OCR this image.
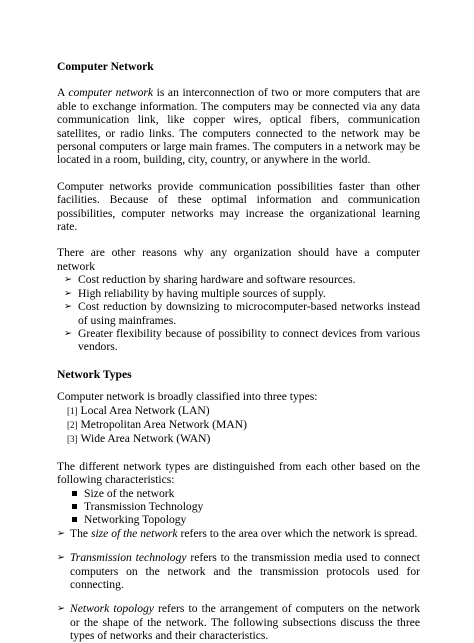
Computer Network

A computer network is an interconnection of two or more computers that are able to exchange information. The computers may be connected via any data communication link, like copper wires, optical fibers, communication satellites, or radio links. The computers connected to the network may be personal computers or large main frames. The computers in a network may be located in a room, building, city, country, or anywhere in the world.

Computer networks provide communication possibilities faster than other facilities. Because of these optimal information and communication possibilities, computer networks may increase the organizational learning rate.

There are other reasons why any organization should have a computer network

➢ Cost reduction by sharing hardware and software resources.
➢ High reliability by having multiple sources of supply.
➢ Cost reduction by downsizing to microcomputer-based networks instead of using mainframes.
➢ Greater flexibility because of possibility to connect devices from various vendors.
Network Types

Computer network is broadly classified into three types:

[1] Local Area Network (LAN)
[2] Metropolitan Area Network (MAN)
[3] Wide Area Network (WAN)

The different network types are distinguished from each other based on the following characteristics:

Size of the network
Transmission Technology
Networking Topology
➢ The size of the network refers to the area over which the network is spread.
➢ Transmission technology refers to the transmission media used to connect computers on the network and the transmission protocols used for connecting.
➢ Network topology refers to the arrangement of computers on the network or the shape of the network. The following subsections discuss the three types of networks and their characteristics.
